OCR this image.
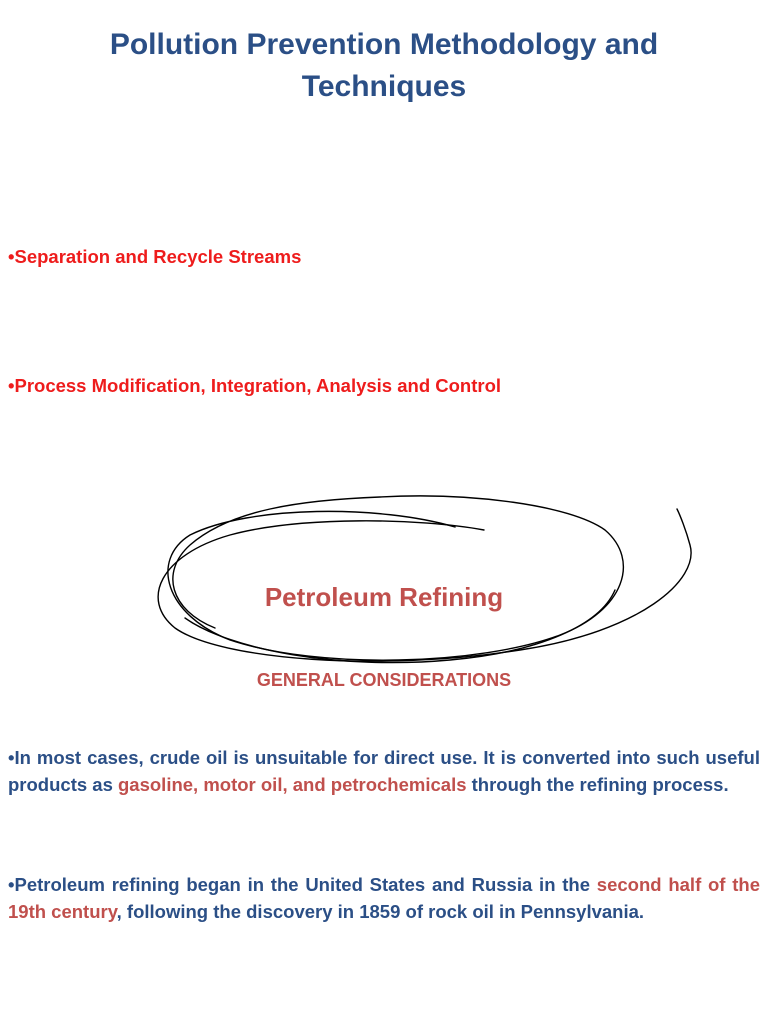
Pollution Prevention Methodology and Techniques
•Separation and Recycle Streams
•Process Modification, Integration, Analysis and Control
Petroleum Refining
GENERAL CONSIDERATIONS
•In most cases, crude oil is unsuitable for direct use. It is converted into such useful products as gasoline, motor oil, and petrochemicals through the refining process.
•Petroleum refining began in the United States and Russia in the second half of the 19th century, following the discovery in 1859 of rock oil in Pennsylvania.
